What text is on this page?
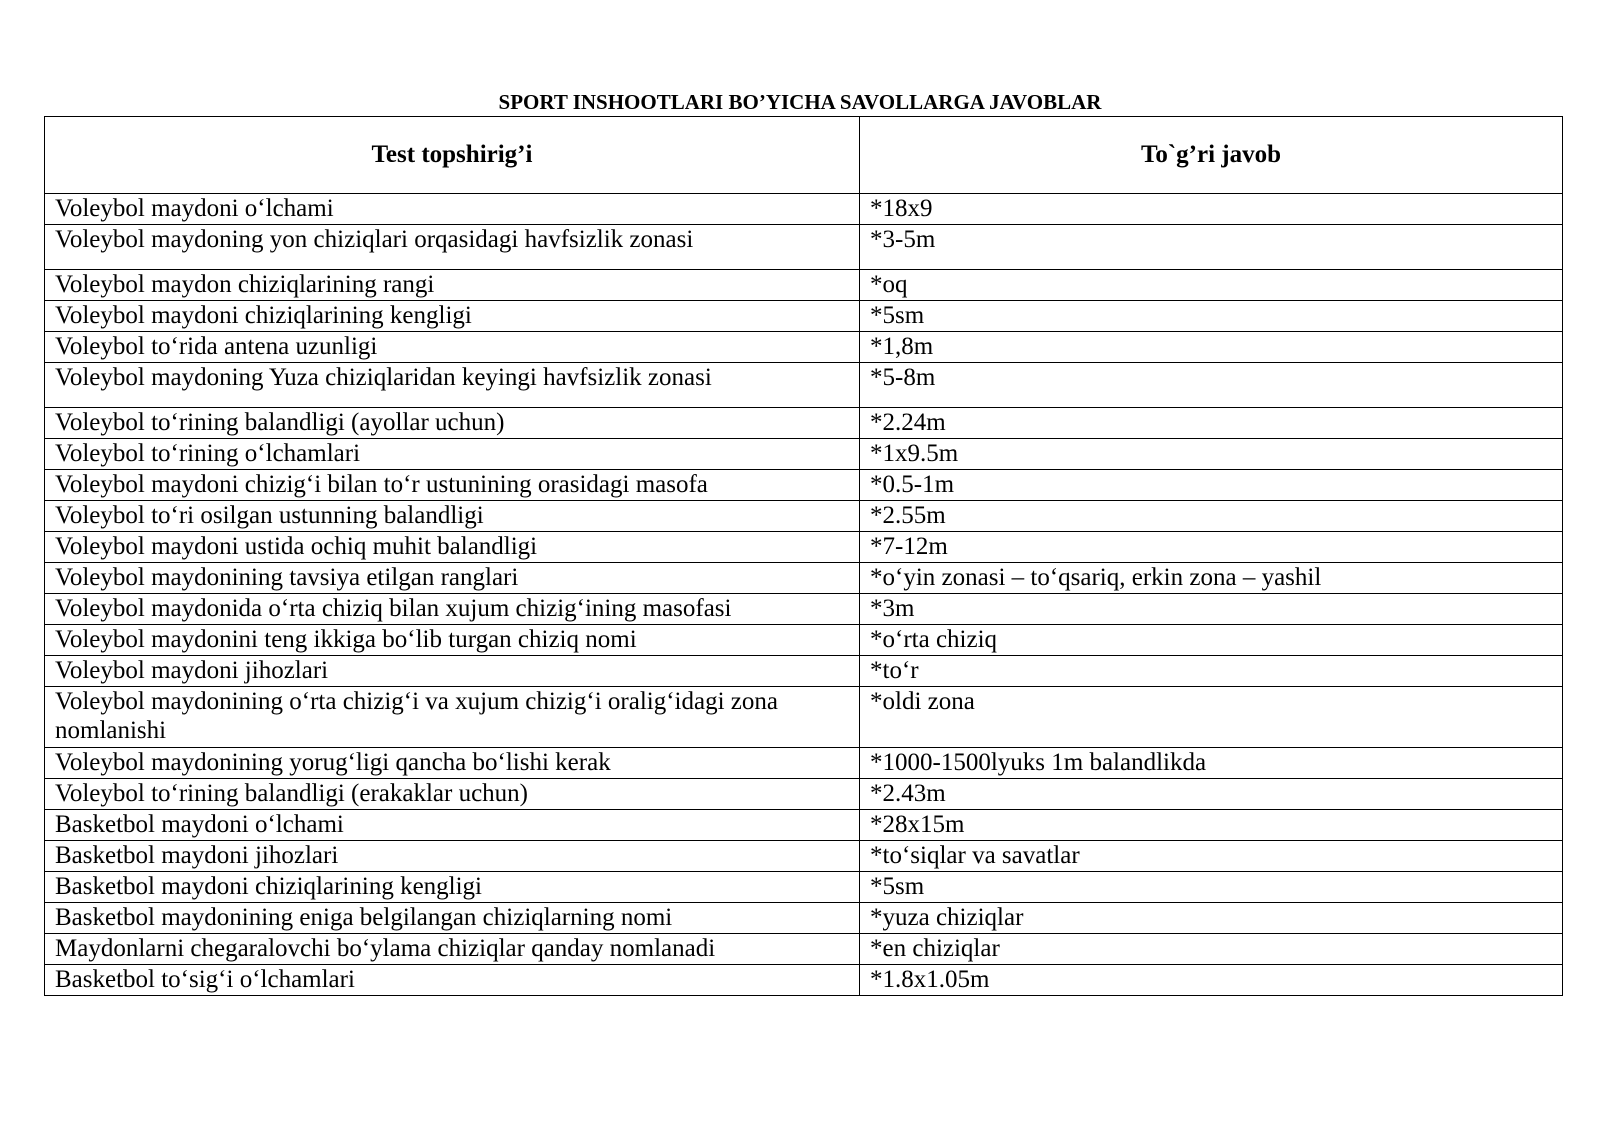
SPORT INSHOOTLARI BO’YICHA SAVOLLARGA JAVOBLAR
Test topshirig’i	To`g’ri javob
Voleybol maydoni o‘lchami	*18x9
Voleybol maydoning yon chiziqlari orqasidagi havfsizlik zonasi	*3-5m
Voleybol maydon chiziqlarining rangi	*oq
Voleybol maydoni chiziqlarining kengligi	*5sm
Voleybol to‘rida antena uzunligi	*1,8m
Voleybol maydoning Yuza chiziqlaridan keyingi havfsizlik zonasi	*5-8m
Voleybol to‘rining balandligi (ayollar uchun)	*2.24m
Voleybol to‘rining o‘lchamlari	*1x9.5m
Voleybol maydoni chizig‘i bilan to‘r ustunining orasidagi masofa	*0.5-1m
Voleybol to‘ri osilgan ustunning balandligi	*2.55m
Voleybol maydoni ustida ochiq muhit balandligi	*7-12m
Voleybol maydonining tavsiya etilgan ranglari	*o‘yin zonasi – to‘qsariq, erkin zona – yashil
Voleybol maydonida o‘rta chiziq bilan xujum chizig‘ining masofasi	*3m
Voleybol maydonini teng ikkiga bo‘lib turgan chiziq nomi	*o‘rta chiziq
Voleybol maydoni jihozlari	*to‘r
Voleybol maydonining o‘rta chizig‘i va xujum chizig‘i oralig‘idagi zona nomlanishi	*oldi zona
Voleybol maydonining yorug‘ligi qancha bo‘lishi kerak	*1000-1500lyuks 1m balandlikda
Voleybol to‘rining balandligi (erakaklar uchun)	*2.43m
Basketbol maydoni o‘lchami	*28x15m
Basketbol maydoni jihozlari	*to‘siqlar va savatlar
Basketbol maydoni chiziqlarining kengligi	*5sm
Basketbol maydonining eniga belgilangan chiziqlarning nomi	*yuza chiziqlar
Maydonlarni chegaralovchi bo‘ylama chiziqlar qanday nomlanadi	*en chiziqlar
Basketbol to‘sig‘i o‘lchamlari	*1.8x1.05m
